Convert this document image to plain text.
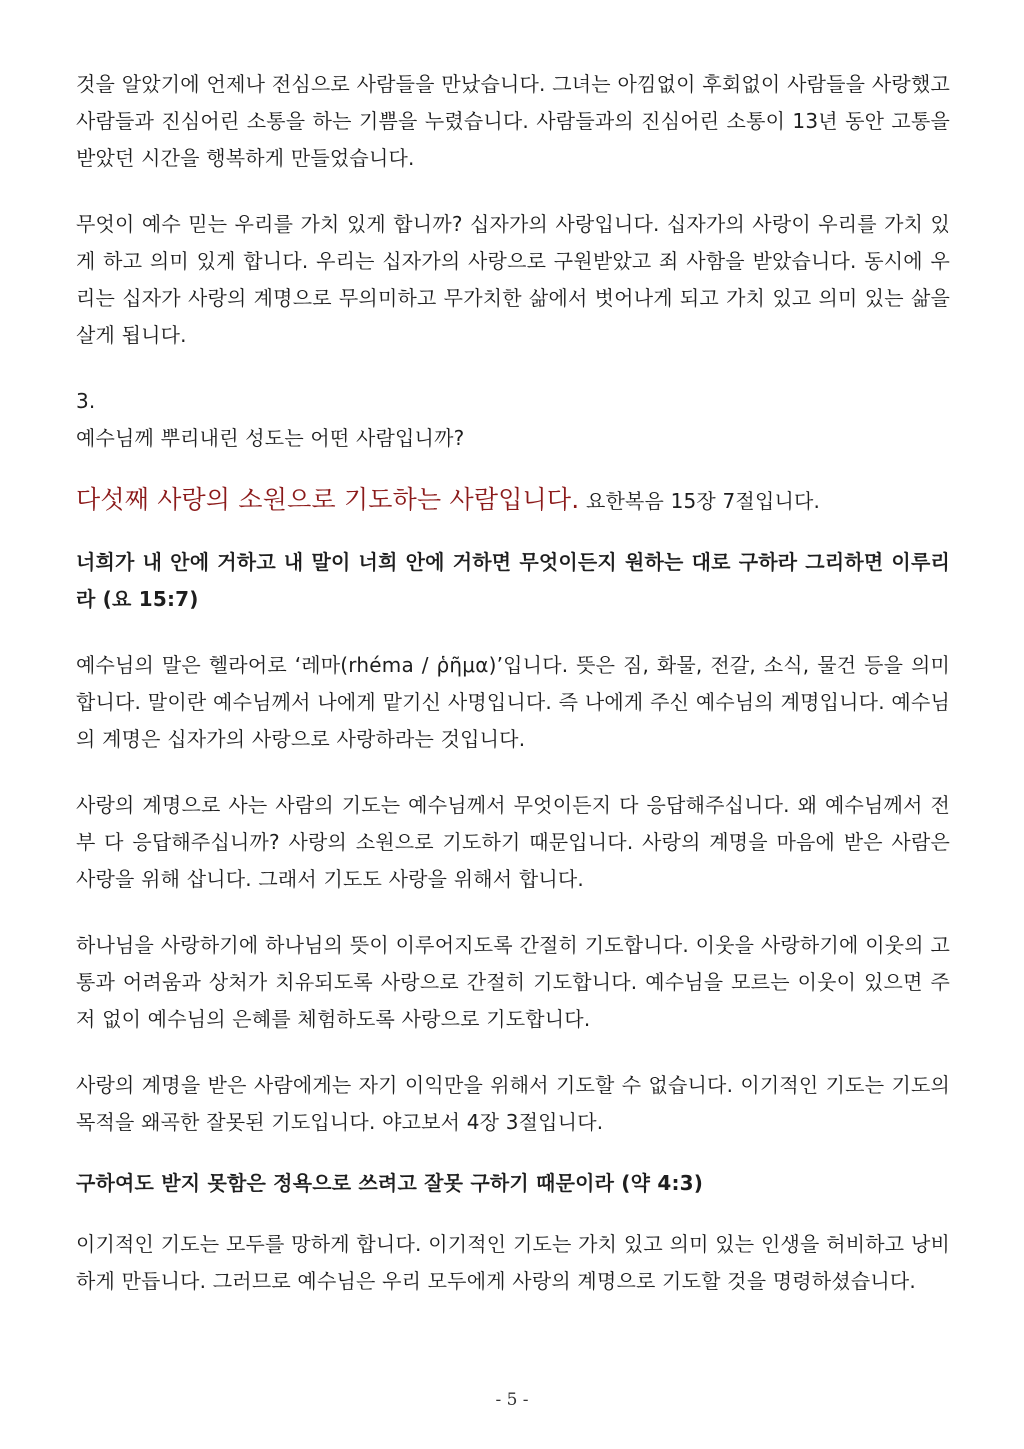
것을 알았기에 언제나 전심으로 사람들을 만났습니다. 그녀는 아낌없이 후회없이 사람들을 사랑했고 사람들과 진심어린 소통을 하는 기쁨을 누렸습니다. 사람들과의 진심어린 소통이 13년 동안 고통을 받았던 시간을 행복하게 만들었습니다.

무엇이 예수 믿는 우리를 가치 있게 합니까? 십자가의 사랑입니다. 십자가의 사랑이 우리를 가치 있게 하고 의미 있게 합니다. 우리는 십자가의 사랑으로 구원받았고 죄 사함을 받았습니다. 동시에 우리는 십자가 사랑의 계명으로 무의미하고 무가치한 삶에서 벗어나게 되고 가치 있고 의미 있는 삶을 살게 됩니다.

3.

예수님께 뿌리내린 성도는 어떤 사람입니까?

다섯째 사랑의 소원으로 기도하는 사람입니다. 요한복음 15장 7절입니다.

너희가 내 안에 거하고 내 말이 너희 안에 거하면 무엇이든지 원하는 대로 구하라 그리하면 이루리라 (요 15:7)

예수님의 말은 헬라어로 ‘레마(rhéma / ῥῆμα)’입니다. 뜻은 짐, 화물, 전갈, 소식, 물건 등을 의미합니다. 말이란 예수님께서 나에게 맡기신 사명입니다. 즉 나에게 주신 예수님의 계명입니다. 예수님의 계명은 십자가의 사랑으로 사랑하라는 것입니다.

사랑의 계명으로 사는 사람의 기도는 예수님께서 무엇이든지 다 응답해주십니다. 왜 예수님께서 전부 다 응답해주십니까? 사랑의 소원으로 기도하기 때문입니다. 사랑의 계명을 마음에 받은 사람은 사랑을 위해 삽니다. 그래서 기도도 사랑을 위해서 합니다.

하나님을 사랑하기에 하나님의 뜻이 이루어지도록 간절히 기도합니다. 이웃을 사랑하기에 이웃의 고통과 어려움과 상처가 치유되도록 사랑으로 간절히 기도합니다. 예수님을 모르는 이웃이 있으면 주저 없이 예수님의 은혜를 체험하도록 사랑으로 기도합니다.

사랑의 계명을 받은 사람에게는 자기 이익만을 위해서 기도할 수 없습니다. 이기적인 기도는 기도의 목적을 왜곡한 잘못된 기도입니다. 야고보서 4장 3절입니다.

구하여도 받지 못함은 정욕으로 쓰려고 잘못 구하기 때문이라 (약 4:3)

이기적인 기도는 모두를 망하게 합니다. 이기적인 기도는 가치 있고 의미 있는 인생을 허비하고 낭비하게 만듭니다. 그러므로 예수님은 우리 모두에게 사랑의 계명으로 기도할 것을 명령하셨습니다.

- 5 -
